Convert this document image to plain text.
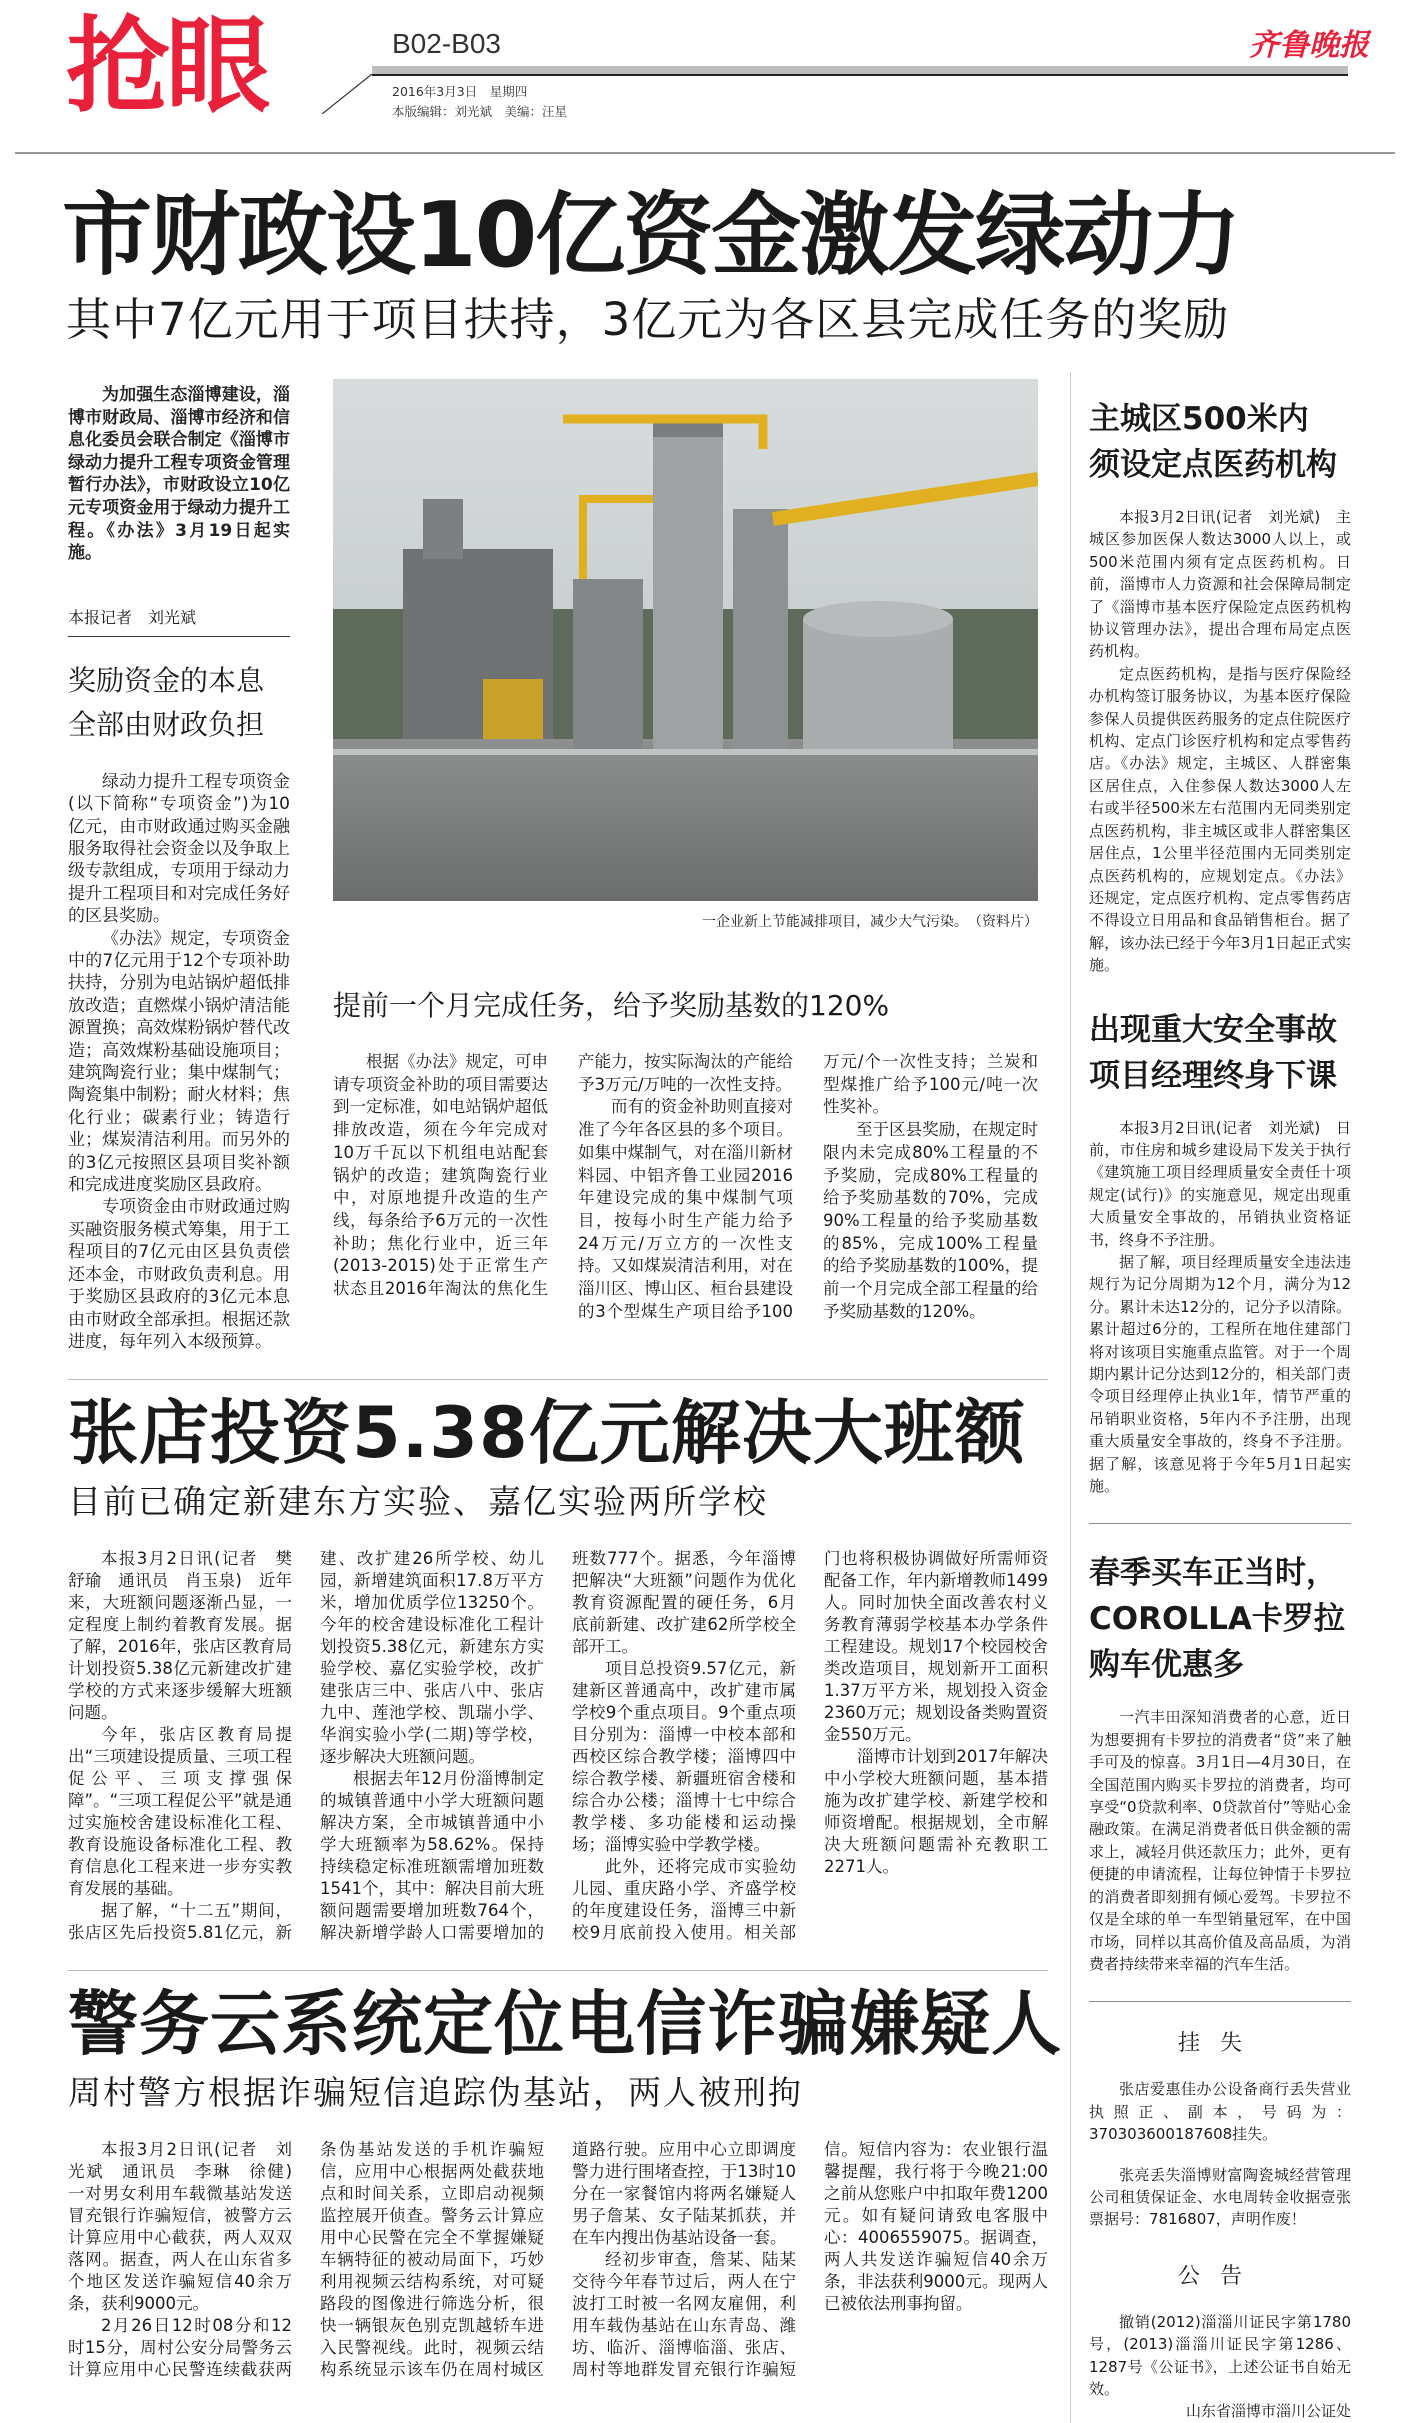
抢眼	B02-B03	齐鲁晚报
2016年3月3日　星期四
本版编辑：刘光斌　美编：汪星
市财政设10亿资金激发绿动力
其中7亿元用于项目扶持，3亿元为各区县完成任务的奖励
为加强生态淄博建设，淄博市财政局、淄博市经济和信息化委员会联合制定《淄博市绿动力提升工程专项资金管理暂行办法》，市财政设立10亿元专项资金用于绿动力提升工程。《办法》3月19日起实施。
本报记者　刘光斌
奖励资金的本息
全部由财政负担

绿动力提升工程专项资金(以下简称“专项资金”)为10亿元，由市财政通过购买金融服务取得社会资金以及争取上级专款组成，专项用于绿动力提升工程项目和对完成任务好的区县奖励。

《办法》规定，专项资金中的7亿元用于12个专项补助扶持，分别为电站锅炉超低排放改造；直燃煤小锅炉清洁能源置换；高效煤粉锅炉替代改造；高效煤粉基础设施项目；建筑陶瓷行业；集中煤制气；陶瓷集中制粉；耐火材料；焦化行业；碳素行业；铸造行业；煤炭清洁利用。而另外的的3亿元按照区县项目奖补额和完成进度奖励区县政府。

专项资金由市财政通过购买融资服务模式筹集，用于工程项目的7亿元由区县负责偿还本金，市财政负责利息。用于奖励区县政府的3亿元本息由市财政全部承担。根据还款进度，每年列入本级预算。

一企业新上节能减排项目，减少大气污染。　（资料片）
提前一个月完成任务，给予奖励基数的120%

根据《办法》规定，可申请专项资金补助的项目需要达到一定标准，如电站锅炉超低排放改造，须在今年完成对10万千瓦以下机组电站配套锅炉的改造；建筑陶瓷行业中，对原地提升改造的生产线，每条给予6万元的一次性补助；焦化行业中，近三年(2013-2015)处于正常生产状态且2016年淘汰的焦化生产能力，按实际淘汰的产能给予3万元/万吨的一次性支持。

而有的资金补助则直接对准了今年各区县的多个项目。如集中煤制气，对在淄川新材料园、中铝齐鲁工业园2016年建设完成的集中煤制气项目，按每小时生产能力给予24万元/万立方的一次性支持。又如煤炭清洁利用，对在淄川区、博山区、桓台县建设的3个型煤生产项目给予100万元/个一次性支持；兰炭和型煤推广给予100元/吨一次性奖补。

至于区县奖励，在规定时限内未完成80%工程量的不予奖励，完成80%工程量的给予奖励基数的70%，完成90%工程量的给予奖励基数的85%，完成100%工程量的给予奖励基数的100%，提前一个月完成全部工程量的给予奖励基数的120%。

张店投资5.38亿元解决大班额
目前已确定新建东方实验、嘉亿实验两所学校

本报3月2日讯(记者　樊舒瑜　通讯员　肖玉泉)　近年来，大班额问题逐渐凸显，一定程度上制约着教育发展。据了解，2016年，张店区教育局计划投资5.38亿元新建改扩建学校的方式来逐步缓解大班额问题。

今年，张店区教育局提出“三项建设提质量、三项工程促公平、三项支撑强保障”。“三项工程促公平”就是通过实施校舍建设标准化工程、教育设施设备标准化工程、教育信息化工程来进一步夯实教育发展的基础。

据了解，“十二五”期间，张店区先后投资5.81亿元，新建、改扩建26所学校、幼儿园，新增建筑面积17.8万平方米，增加优质学位13250个。今年的校舍建设标准化工程计划投资5.38亿元，新建东方实验学校、嘉亿实验学校，改扩建张店三中、张店八中、张店九中、莲池学校、凯瑞小学、华润实验小学(二期)等学校，逐步解决大班额问题。

根据去年12月份淄博制定的城镇普通中小学大班额问题解决方案，全市城镇普通中小学大班额率为58.62%。保持持续稳定标准班额需增加班数1541个，其中：解决目前大班额问题需要增加班数764个，解决新增学龄人口需要增加的班数777个。据悉，今年淄博把解决“大班额”问题作为优化教育资源配置的硬任务，6月底前新建、改扩建62所学校全部开工。

项目总投资9.57亿元，新建新区普通高中，改扩建市属学校9个重点项目。9个重点项目分别为：淄博一中校本部和西校区综合教学楼；淄博四中综合教学楼、新疆班宿舍楼和综合办公楼；淄博十七中综合教学楼、多功能楼和运动操场；淄博实验中学教学楼。

此外，还将完成市实验幼儿园、重庆路小学、齐盛学校的年度建设任务，淄博三中新校9月底前投入使用。相关部门也将积极协调做好所需师资配备工作，年内新增教师1499人。同时加快全面改善农村义务教育薄弱学校基本办学条件工程建设。规划17个校园校舍类改造项目，规划新开工面积1.37万平方米，规划投入资金2360万元；规划设备类购置资金550万元。

淄博市计划到2017年解决中小学校大班额问题，基本措施为改扩建学校、新建学校和师资增配。根据规划，全市解决大班额问题需补充教职工2271人。

警务云系统定位电信诈骗嫌疑人
周村警方根据诈骗短信追踪伪基站，两人被刑拘

本报3月2日讯(记者　刘光斌　通讯员　李琳　徐健)　一对男女利用车载微基站发送冒充银行诈骗短信，被警方云计算应用中心截获，两人双双落网。据查，两人在山东省多个地区发送诈骗短信40余万条，获利9000元。

2月26日12时08分和12时15分，周村公安分局警务云计算应用中心民警连续截获两条伪基站发送的手机诈骗短信，应用中心根据两处截获地点和时间关系，立即启动视频监控展开侦查。警务云计算应用中心民警在完全不掌握嫌疑车辆特征的被动局面下，巧妙利用视频云结构系统，对可疑路段的图像进行筛选分析，很快一辆银灰色别克凯越轿车进入民警视线。此时，视频云结构系统显示该车仍在周村城区道路行驶。应用中心立即调度警力进行围堵查控，于13时10分在一家餐馆内将两名嫌疑人男子詹某、女子陆某抓获，并在车内搜出伪基站设备一套。

经初步审查，詹某、陆某交待今年春节过后，两人在宁波打工时被一名网友雇佣，利用车载伪基站在山东青岛、潍坊、临沂、淄博临淄、张店、周村等地群发冒充银行诈骗短信。短信内容为：农业银行温馨提醒，我行将于今晚21:00之前从您账户中扣取年费1200元。如有疑问请致电客服中心：4006559075。据调查，两人共发送诈骗短信40余万条，非法获利9000元。现两人已被依法刑事拘留。

主城区500米内
须设定点医药机构

本报3月2日讯(记者　刘光斌)　主城区参加医保人数达3000人以上，或500米范围内须有定点医药机构。日前，淄博市人力资源和社会保障局制定了《淄博市基本医疗保险定点医药机构协议管理办法》，提出合理布局定点医药机构。

定点医药机构，是指与医疗保险经办机构签订服务协议，为基本医疗保险参保人员提供医药服务的定点住院医疗机构、定点门诊医疗机构和定点零售药店。《办法》规定，主城区、人群密集区居住点，入住参保人数达3000人左右或半径500米左右范围内无同类别定点医药机构，非主城区或非人群密集区居住点，1公里半径范围内无同类别定点医药机构的，应规划定点。《办法》还规定，定点医疗机构、定点零售药店不得设立日用品和食品销售柜台。据了解，该办法已经于今年3月1日起正式实施。

出现重大安全事故
项目经理终身下课

本报3月2日讯(记者　刘光斌)　日前，市住房和城乡建设局下发关于执行《建筑施工项目经理质量安全责任十项规定(试行)》的实施意见，规定出现重大质量安全事故的，吊销执业资格证书，终身不予注册。

据了解，项目经理质量安全违法违规行为记分周期为12个月，满分为12分。累计未达12分的，记分予以清除。累计超过6分的，工程所在地住建部门将对该项目实施重点监管。对于一个周期内累计记分达到12分的，相关部门责令项目经理停止执业1年，情节严重的吊销职业资格，5年内不予注册，出现重大质量安全事故的，终身不予注册。据了解，该意见将于今年5月1日起实施。

春季买车正当时，
COROLLA卡罗拉
购车优惠多

一汽丰田深知消费者的心意，近日为想要拥有卡罗拉的消费者“贷”来了触手可及的惊喜。3月1日—4月30日，在全国范围内购买卡罗拉的消费者，均可享受“0贷款利率、0贷款首付”等贴心金融政策。在满足消费者低日供金额的需求上，减轻月供还款压力；此外，更有便捷的申请流程，让每位钟情于卡罗拉的消费者即刻拥有倾心爱驾。卡罗拉不仅是全球的单一车型销量冠军，在中国市场，同样以其高价值及高品质，为消费者持续带来幸福的汽车生活。

挂失

张店爱惠佳办公设备商行丢失营业执照正、副本，号码为：370303600187608挂失。

张亮丢失淄博财富陶瓷城经营管理公司租赁保证金、水电周转金收据壹张　票据号：7816807，声明作废！

公告

撤销(2012)淄淄川证民字第1780号，(2013)淄淄川证民字第1286、1287号《公证书》，上述公证书自始无效。

山东省淄博市淄川公证处
